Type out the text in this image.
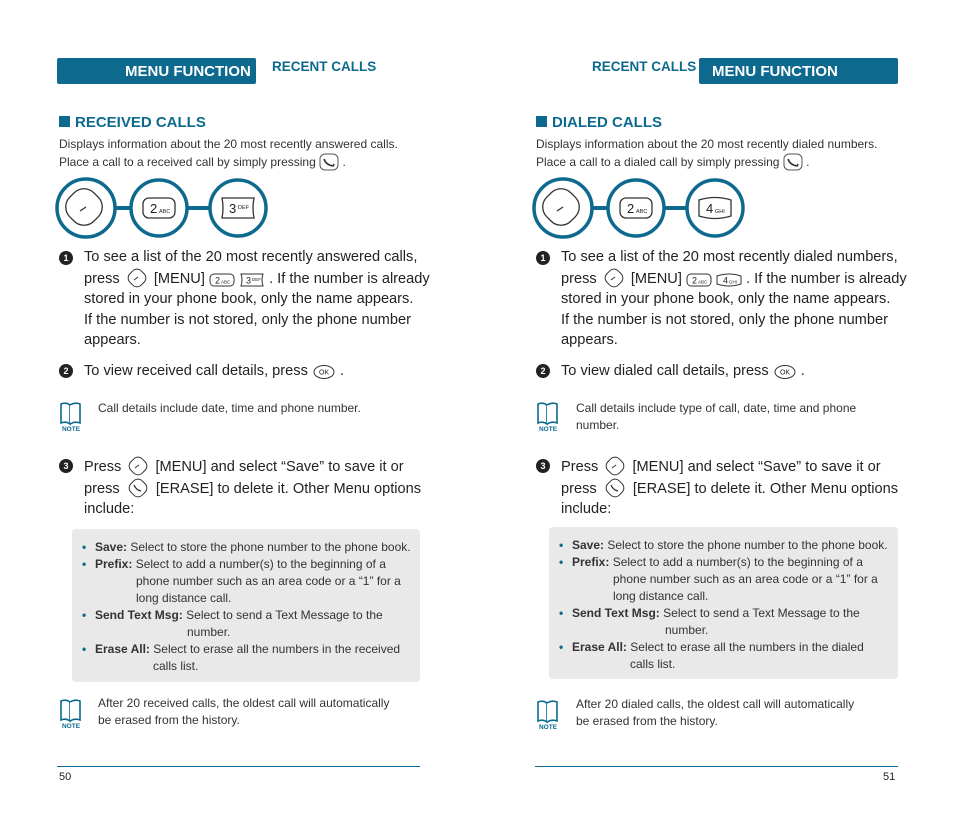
MENU FUNCTION	RECENT CALLS
RECEIVED CALLS
Displays information about the 20 most recently answered calls.
Place a call to a received call by simply pressing .
2 ABC	3 DEF
1	To see a list of the 20 most recently answered calls,
press [MENU] 2 ABC
3 DEF . If the number is already
stored in your phone book, only the name appears.
If the number is not stored, only the phone number
appears.
2	To view received call details, press OK .
NOTE
Call details include date, time and phone number.
3	Press [MENU] and select “Save” to save it or
press [ERASE] to delete it. Other Menu options
include:
• Save: Select to store the phone number to the phone book.
• Prefix: Select to add a number(s) to the beginning of a
phone number such as an area code or a “1” for a
long distance call.
• Send Text Msg: Select to send a Text Message to the
number.
• Erase All: Select to erase all the numbers in the received
calls list.
NOTE
After 20 received calls, the oldest call will automatically
be erased from the history.
50
RECENT CALLS	MENU FUNCTION
DIALED CALLS
Displays information about the 20 most recently dialed numbers.
Place a call to a dialed call by simply pressing .
2 ABC	4 GHI
1	To see a list of the 20 most recently dialed numbers,
press [MENU] 2 ABC
4 GHI . If the number is already
stored in your phone book, only the name appears.
If the number is not stored, only the phone number
appears.
2	To view dialed call details, press OK .
NOTE
Call details include type of call, date, time and phone
number.
3	Press [MENU] and select “Save” to save it or
press [ERASE] to delete it. Other Menu options
include:
• Save: Select to store the phone number to the phone book.
• Prefix: Select to add a number(s) to the beginning of a
phone number such as an area code or a “1” for a
long distance call.
• Send Text Msg: Select to send a Text Message to the
number.
• Erase All: Select to erase all the numbers in the dialed
calls list.
NOTE
After 20 dialed calls, the oldest call will automatically
be erased from the history.
51
